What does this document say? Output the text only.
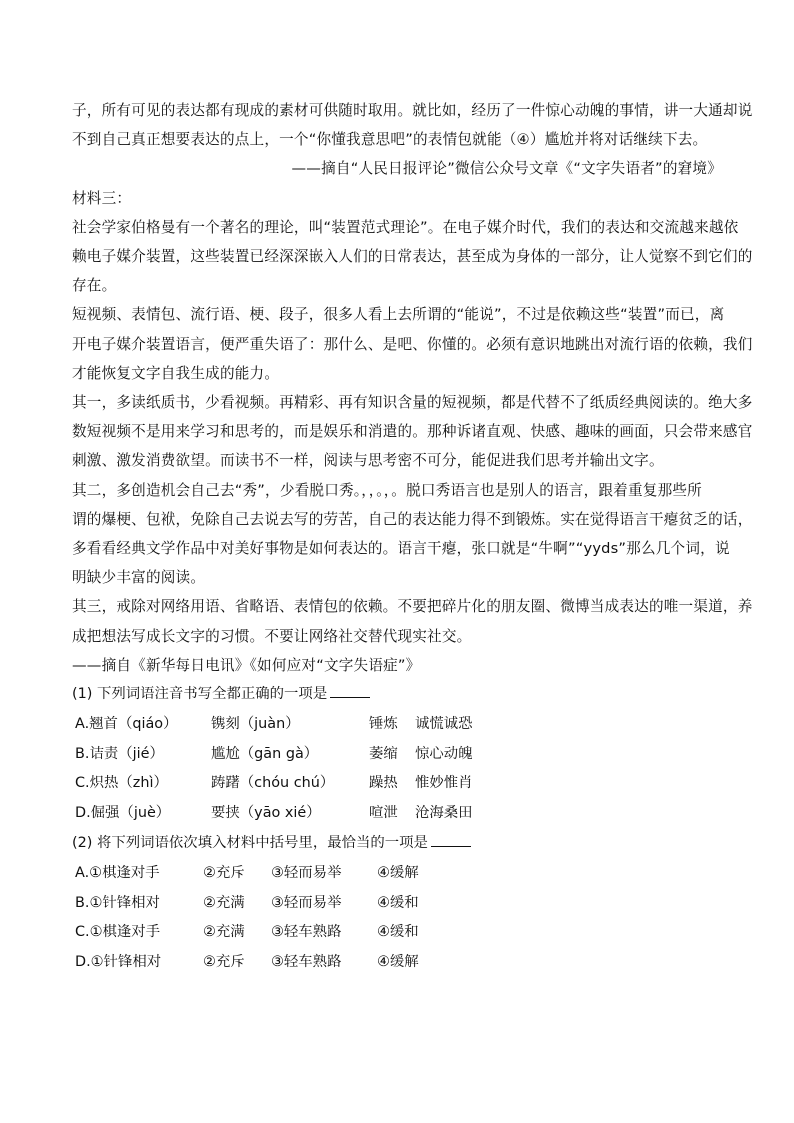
子，所有可见的表达都有现成的素材可供随时取用。就比如，经历了一件惊心动魄的事情，讲一大通却说

不到自己真正想要表达的点上，一个“你懂我意思吧”的表情包就能（④）尴尬并将对话继续下去。

——摘自“人民日报评论”微信公众号文章《“文字失语者”的窘境》

材料三：

社会学家伯格曼有一个著名的理论，叫“装置范式理论”。在电子媒介时代，我们的表达和交流越来越依

赖电子媒介装置，这些装置已经深深嵌入人们的日常表达，甚至成为身体的一部分，让人觉察不到它们的

存在。

短视频、表情包、流行语、梗、段子，很多人看上去所谓的“能说”，不过是依赖这些“装置”而已，离

开电子媒介装置语言，便严重失语了：那什么、是吧、你懂的。必须有意识地跳出对流行语的依赖，我们

才能恢复文字自我生成的能力。

其一，多读纸质书，少看视频。再精彩、再有知识含量的短视频，都是代替不了纸质经典阅读的。绝大多

数短视频不是用来学习和思考的，而是娱乐和消遣的。那种诉诸直观、快感、趣味的画面，只会带来感官

刺激、激发消费欲望。而读书不一样，阅读与思考密不可分，能促进我们思考并输出文字。

其二，多创造机会自己去“秀”，少看脱口秀。，，。，。脱口秀语言也是别人的语言，跟着重复那些所

谓的爆梗、包袱，免除自己去说去写的劳苦，自己的表达能力得不到锻炼。实在觉得语言干瘪贫乏的话，

多看看经典文学作品中对美好事物是如何表达的。语言干瘪，张口就是“牛啊”“yyds”那么几个词，说

明缺少丰富的阅读。

其三，戒除对网络用语、省略语、表情包的依赖。不要把碎片化的朋友圈、微博当成表达的唯一渠道，养

成把想法写成长文字的习惯。不要让网络社交替代现实社交。

——摘自《新华每日电讯》《如何应对“文字失语症”》

(1) 下列词语注音书写全都正确的一项是

A.翘首（qiáo）	镌刻（juàn）	锤炼	诚慌诚恐
B.诘责（jié）	尴尬（gān gà）	萎缩	惊心动魄
C.炽热（zhì）	踌躇（chóu chú）	躁热	惟妙惟肖
D.倔强（juè）	要挟（yāo xié）	喧泄	沧海桑田

(2) 将下列词语依次填入材料中括号里，最恰当的一项是

A.①棋逢对手	②充斥	③轻而易举	④缓解
B.①针锋相对	②充满	③轻而易举	④缓和
C.①棋逢对手	②充满	③轻车熟路	④缓和
D.①针锋相对	②充斥	③轻车熟路	④缓解
